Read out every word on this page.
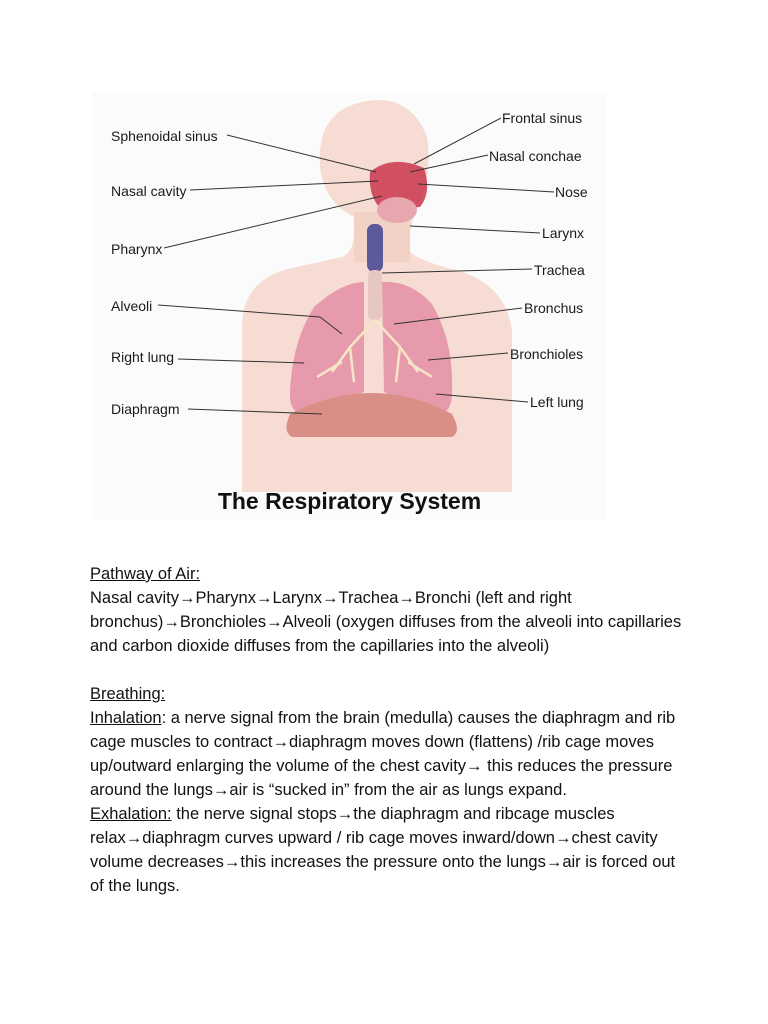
Sphenoidal sinus
Nasal cavity
Pharynx
Alveoli
Right lung
Diaphragm
Frontal sinus
Nasal conchae
Nose
Larynx
Trachea
Bronchus
Bronchioles
Left lung
The Respiratory System
Pathway of Air:
Nasal cavity→Pharynx→Larynx→Trachea→Bronchi (left and right bronchus)→Bronchioles→Alveoli (oxygen diffuses from the alveoli into capillaries and carbon dioxide diffuses from the capillaries into the alveoli)
Breathing:
Inhalation: a nerve signal from the brain (medulla) causes the diaphragm and rib cage muscles to contract→diaphragm moves down (flattens) /rib cage moves up/outward enlarging the volume of the chest cavity→ this reduces the pressure around the lungs→air is “sucked in” from the air as lungs expand.
Exhalation: the nerve signal stops→the diaphragm and ribcage muscles relax→diaphragm curves upward / rib cage moves inward/down→chest cavity volume decreases→this increases the pressure onto the lungs→air is forced out of the lungs.
